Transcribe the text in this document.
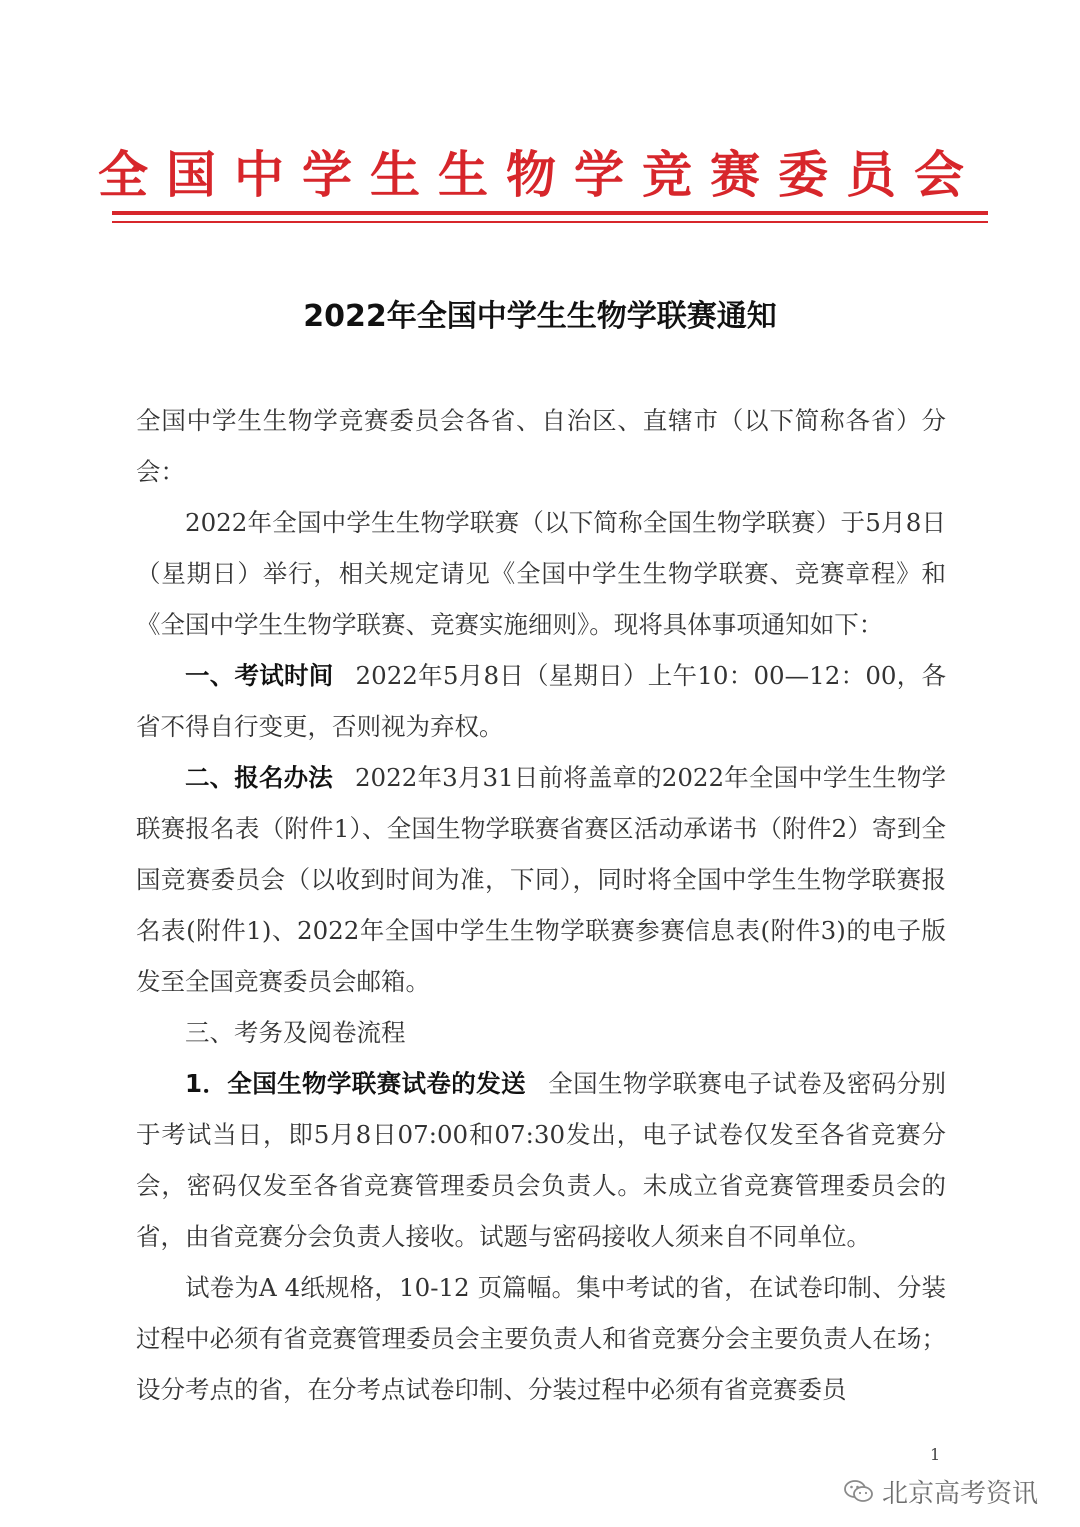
全国中学生生物学竞赛委员会
2022年全国中学生生物学联赛通知

全国中学生生物学竞赛委员会各省、自治区、直辖市（以下简称各省）分会：

2022年全国中学生生物学联赛（以下简称全国生物学联赛）于5月8日（星期日）举行，相关规定请见《全国中学生生物学联赛、竞赛章程》和《全国中学生生物学联赛、竞赛实施细则》。现将具体事项通知如下：

一、考试时间 2022年5月8日（星期日）上午10：00—12：00，各省不得自行变更，否则视为弃权。

二、报名办法 2022年3月31日前将盖章的2022年全国中学生生物学联赛报名表（附件1）、全国生物学联赛省赛区活动承诺书（附件2）寄到全国竞赛委员会（以收到时间为准，下同），同时将全国中学生生物学联赛报名表(附件1)、2022年全国中学生生物学联赛参赛信息表(附件3)的电子版发至全国竞赛委员会邮箱。

三、考务及阅卷流程

1．全国生物学联赛试卷的发送 全国生物学联赛电子试卷及密码分别于考试当日，即5月8日07:00和07:30发出，电子试卷仅发至各省竞赛分会，密码仅发至各省竞赛管理委员会负责人。未成立省竞赛管理委员会的省，由省竞赛分会负责人接收。试题与密码接收人须来自不同单位。

试卷为A 4纸规格，10-12 页篇幅。集中考试的省，在试卷印制、分装过程中必须有省竞赛管理委员会主要负责人和省竞赛分会主要负责人在场；设分考点的省，在分考点试卷印制、分装过程中必须有省竞赛委员

1
北京高考资讯
